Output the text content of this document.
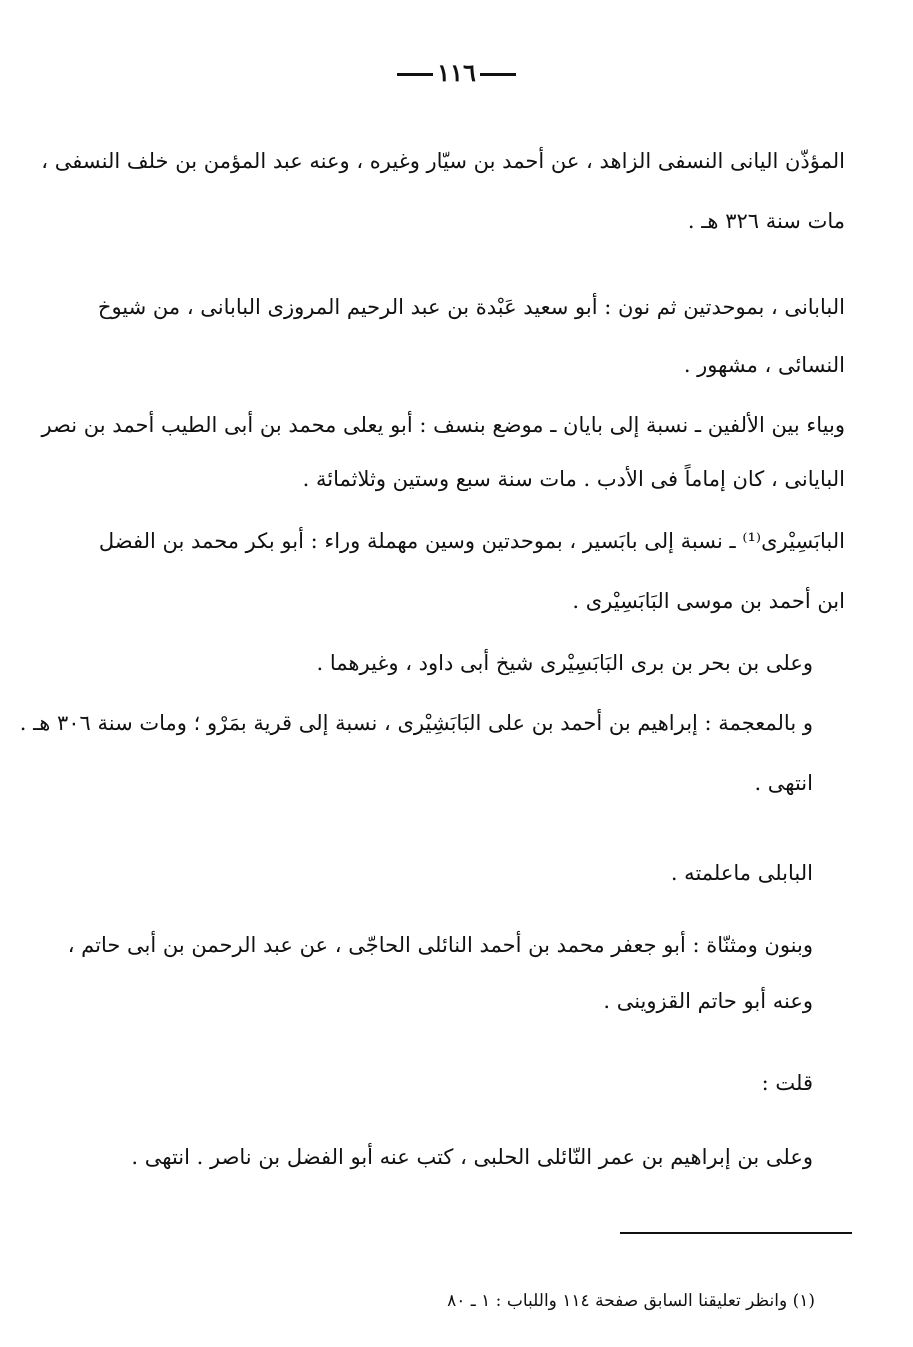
١١٦
المؤذّن اليانى النسفى الزاهد ، عن أحمد بن سيّار وغيره ، وعنه عبد المؤمن بن خلف النسفى ،
مات سنة ٣٢٦ هـ .
البابانى ، بموحدتين ثم نون : أبو سعيد عَبْدة بن عبد الرحيم المروزى البابانى ، من شيوخ
النسائى ، مشهور .
وبياء بين الألفين ـ نسبة إلى بايان ـ موضع بنسف : أبو يعلى محمد بن أبى الطيب أحمد بن نصر
البايانى ، كان إماماً فى الأدب . مات سنة سبع وستين وثلاثمائة .
البابَسِيْرى⁽¹⁾ ـ نسبة إلى بابَسير ، بموحدتين وسين مهملة وراء : أبو بكر محمد بن الفضل
ابن أحمد بن موسى البَابَسِيْرى .
وعلى بن بحر بن برى البَابَسِيْرى شيخ أبى داود ، وغيرهما .
و بالمعجمة : إبراهيم بن أحمد بن على البَابَشِيْرى ، نسبة إلى قرية بمَرْو ؛ ومات سنة ٣٠٦ هـ .
انتهى .
البابلى ماعلمته .
وبنون ومثنّاة : أبو جعفر محمد بن أحمد النائلى الحاجّى ، عن عبد الرحمن بن أبى حاتم ،
وعنه أبو حاتم القزوينى .
قلت :
وعلى بن إبراهيم بن عمر النّائلى الحلبى ، كتب عنه أبو الفضل بن ناصر . انتهى .
(١) وانظر تعليقنا السابق صفحة ١١٤ واللباب : ١ ـ ٨٠
